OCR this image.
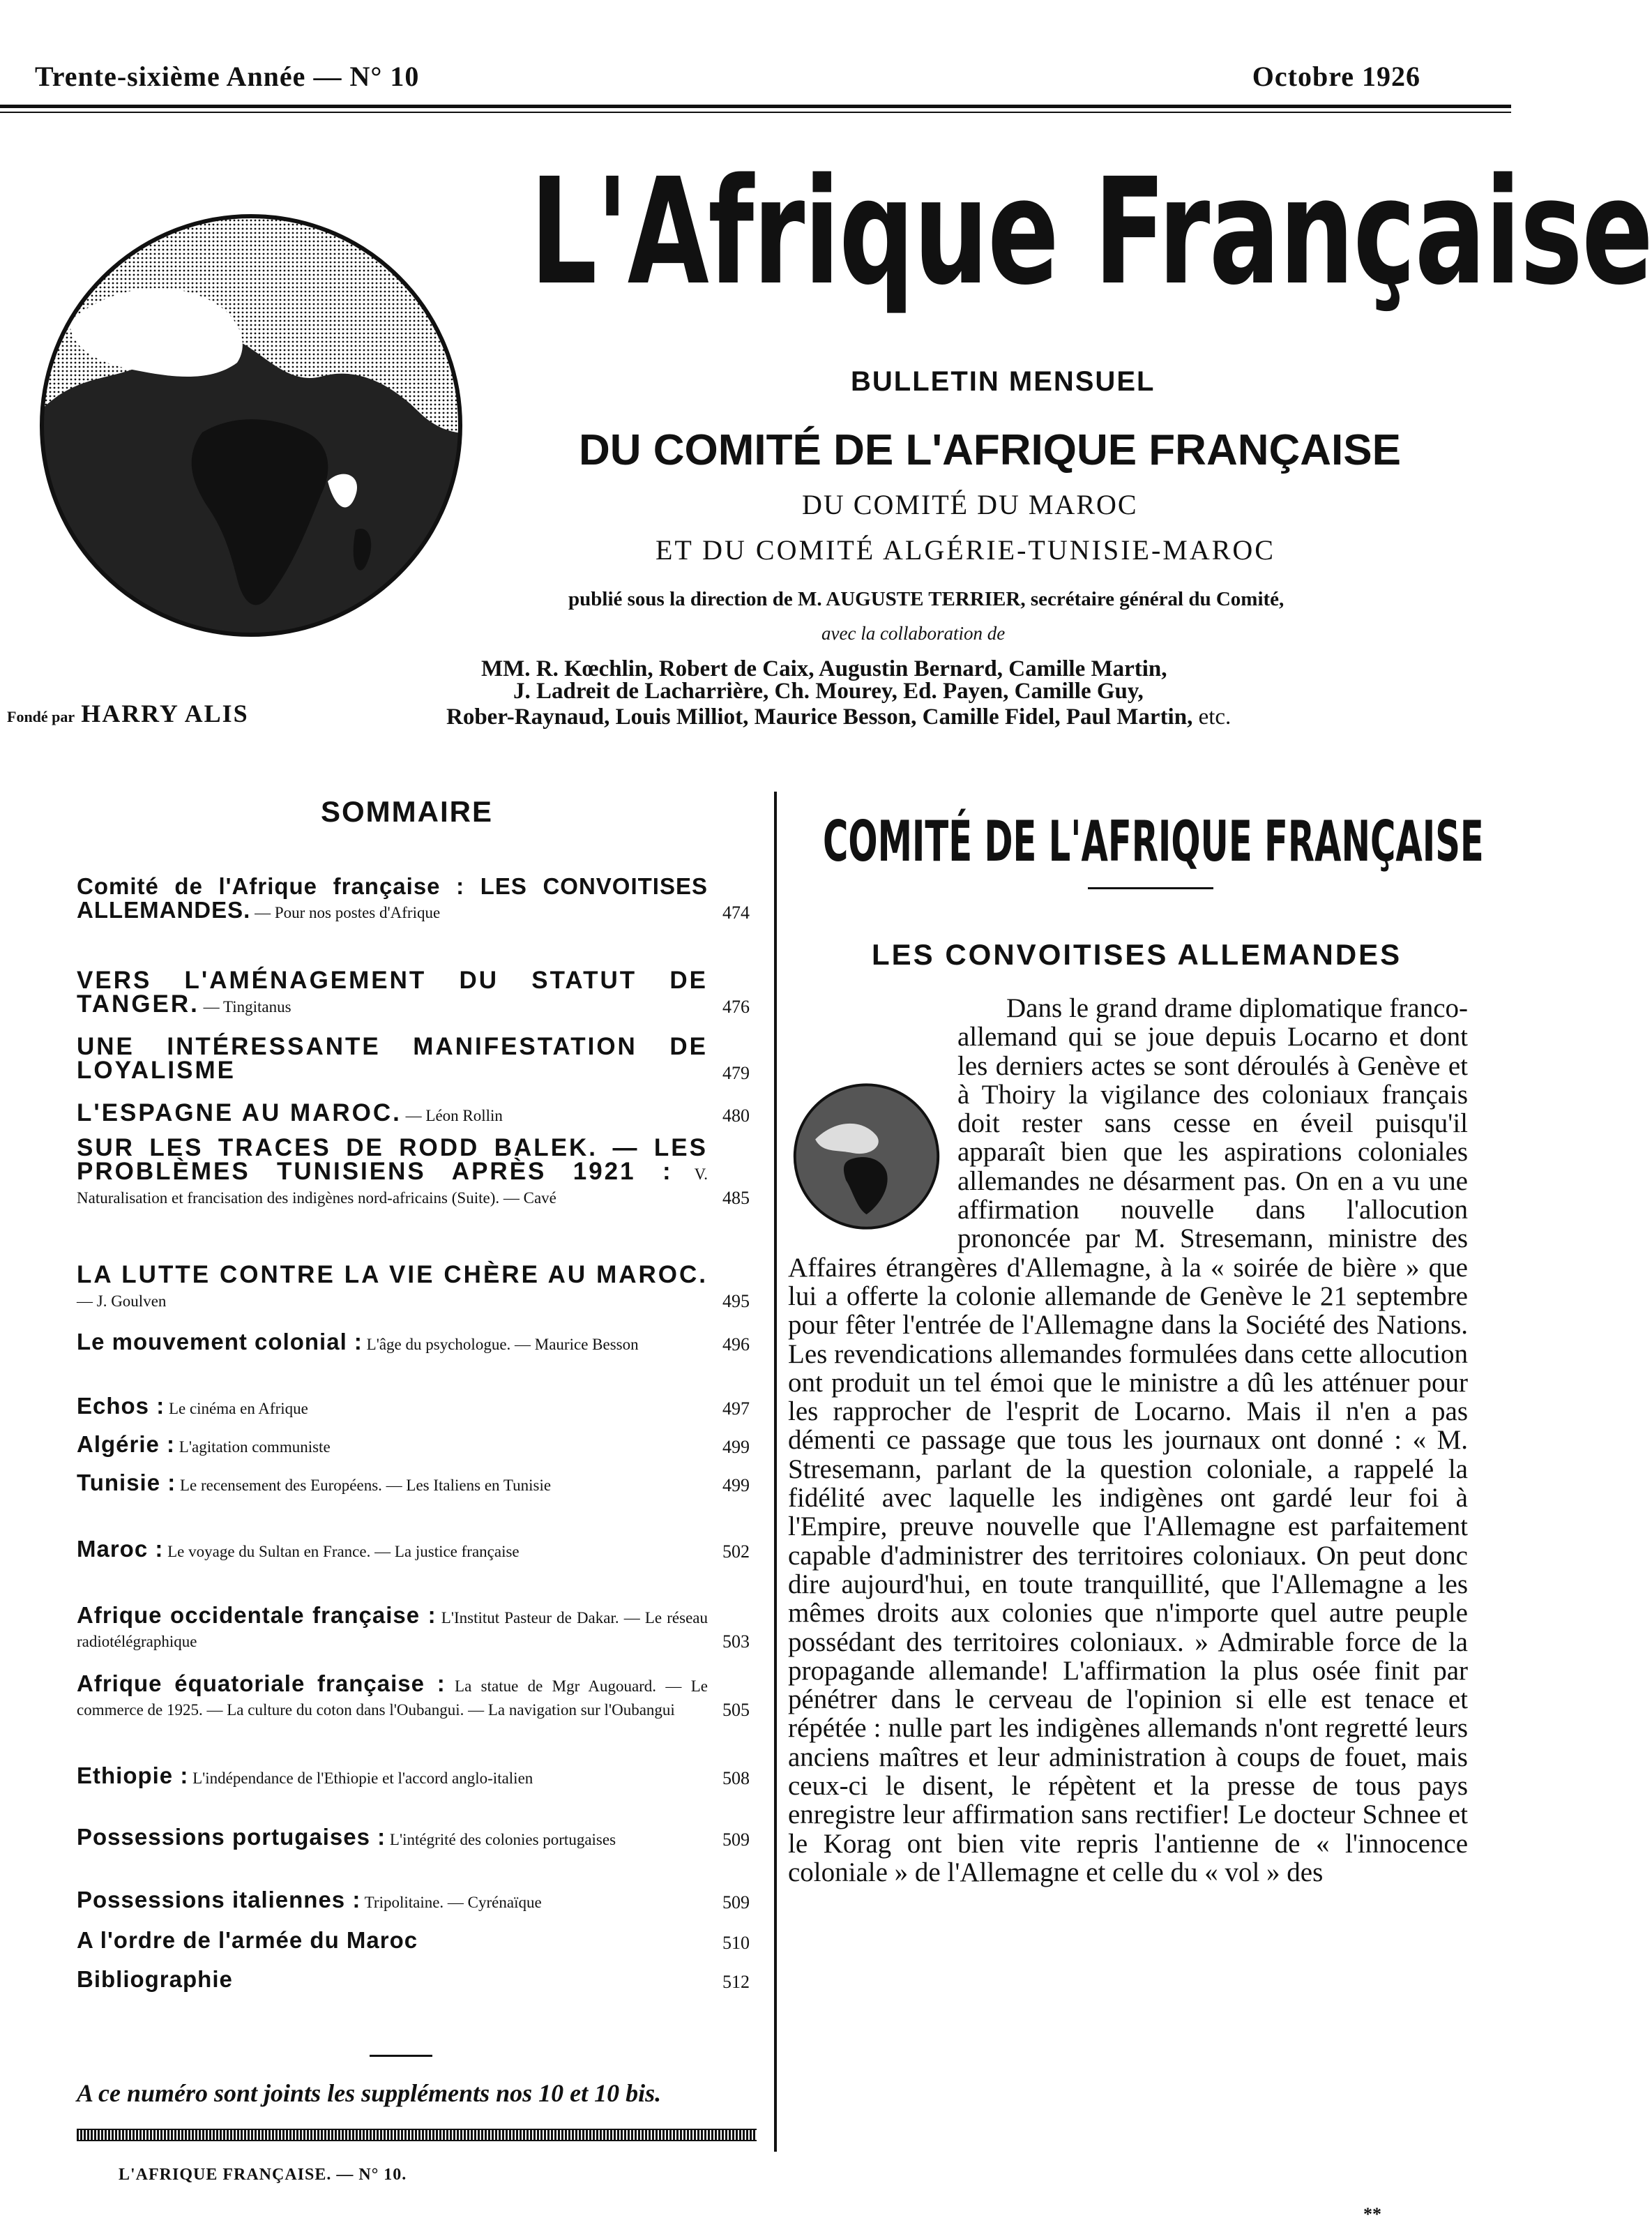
Trente-sixième Année — N° 10	Octobre 1926
L'Afrique Française
BULLETIN MENSUEL
DU COMITÉ DE L'AFRIQUE FRANÇAISE
DU COMITÉ DU MAROC
ET DU COMITÉ ALGÉRIE-TUNISIE-MAROC
publié sous la direction de M. AUGUSTE TERRIER, secrétaire général du Comité,
avec la collaboration de
MM. R. Kœchlin, Robert de Caix, Augustin Bernard, Camille Martin,
J. Ladreit de Lacharrière, Ch. Mourey, Ed. Payen, Camille Guy,
Rober-Raynaud, Louis Milliot, Maurice Besson, Camille Fidel, Paul Martin, etc.
Fondé par HARRY ALIS
SOMMAIRE
Comité de l'Afrique française : LES CONVOITISES ALLEMANDES. — Pour nos postes d'Afrique	474
VERS L'AMÉNAGEMENT DU STATUT DE TANGER. — Tingitanus	476
UNE INTÉRESSANTE MANIFESTATION DE LOYALISME	479
L'ESPAGNE AU MAROC. — Léon Rollin	480
SUR LES TRACES DE RODD BALEK. — LES PROBLÈMES TUNISIENS APRÈS 1921 : V. Naturalisation et francisation des indigènes nord-africains (Suite). — Cavé	485
LA LUTTE CONTRE LA VIE CHÈRE AU MAROC. — J. Goulven	495
Le mouvement colonial : L'âge du psychologue. — Maurice Besson	496
Echos : Le cinéma en Afrique	497
Algérie : L'agitation communiste	499
Tunisie : Le recensement des Européens. — Les Italiens en Tunisie	499
Maroc : Le voyage du Sultan en France. — La justice française	502
Afrique occidentale française : L'Institut Pasteur de Dakar. — Le réseau radiotélégraphique	503
Afrique équatoriale française : La statue de Mgr Augouard. — Le commerce de 1925. — La culture du coton dans l'Oubangui. — La navigation sur l'Oubangui	505
Ethiopie : L'indépendance de l'Ethiopie et l'accord anglo-italien	508
Possessions portugaises : L'intégrité des colonies portugaises	509
Possessions italiennes : Tripolitaine. — Cyrénaïque	509
A l'ordre de l'armée du Maroc	510
Bibliographie	512
A ce numéro sont joints les suppléments nos 10 et 10 bis.
L'AFRIQUE FRANÇAISE. — N° 10.
**
COMITÉ DE L'AFRIQUE FRANÇAISE
LES CONVOITISES ALLEMANDES

Dans le grand drame diplomatique franco-allemand qui se joue depuis Locarno et dont les derniers actes se sont déroulés à Genève et à Thoiry la vigilance des coloniaux français doit rester sans cesse en éveil puisqu'il apparaît bien que les aspirations coloniales allemandes ne désarment pas. On en a vu une affirmation nouvelle dans l'allocution prononcée par M. Stresemann, ministre des Affaires étrangères d'Allemagne, à la « soirée de bière » que lui a offerte la colonie allemande de Genève le 21 septembre pour fêter l'entrée de l'Allemagne dans la Société des Nations. Les revendications allemandes formulées dans cette allocution ont produit un tel émoi que le ministre a dû les atténuer pour les rapprocher de l'esprit de Locarno. Mais il n'en a pas démenti ce passage que tous les journaux ont donné : « M. Stresemann, parlant de la question coloniale, a rappelé la fidélité avec laquelle les indigènes ont gardé leur foi à l'Empire, preuve nouvelle que l'Allemagne est parfaitement capable d'administrer des territoires coloniaux. On peut donc dire aujourd'hui, en toute tranquillité, que l'Allemagne a les mêmes droits aux colonies que n'importe quel autre peuple possédant des territoires coloniaux. » Admirable force de la propagande allemande! L'affirmation la plus osée finit par pénétrer dans le cerveau de l'opinion si elle est tenace et répétée : nulle part les indigènes allemands n'ont regretté leurs anciens maîtres et leur administration à coups de fouet, mais ceux-ci le disent, le répètent et la presse de tous pays enregistre leur affirmation sans rectifier! Le docteur Schnee et le Korag ont bien vite repris l'antienne de « l'innocence coloniale » de l'Allemagne et celle du « vol » des
